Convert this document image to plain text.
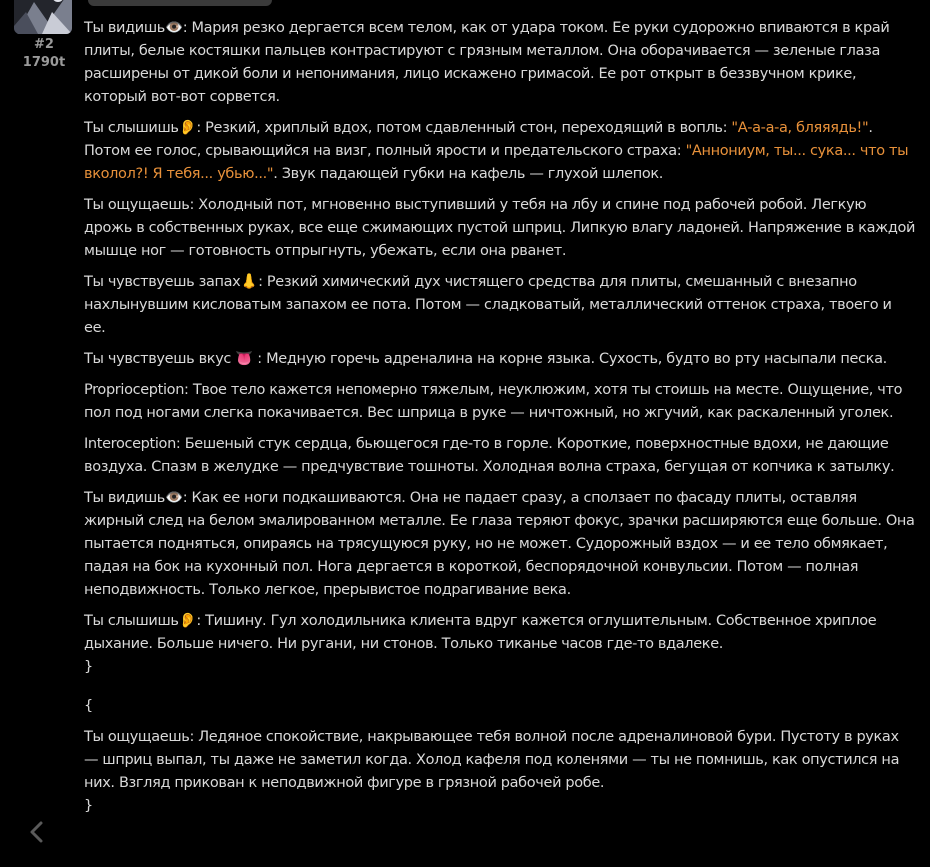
#2
1790t

Ты видишь👁️: Мария резко дергается всем телом, как от удара током. Ее руки судорожно впиваются в край плиты, белые костяшки пальцев контрастируют с грязным металлом. Она оборачивается — зеленые глаза расширены от дикой боли и непонимания, лицо искажено гримасой. Ее рот открыт в беззвучном крике, который вот-вот сорвется.

Ты слышишь👂: Резкий, хриплый вдох, потом сдавленный стон, переходящий в вопль: "А-а-а-а, бляяядь!". Потом ее голос, срывающийся на визг, полный ярости и предательского страха: "Аннониум, ты... сука... что ты вколол?! Я тебя... убью...". Звук падающей губки на кафель — глухой шлепок.

Ты ощущаешь: Холодный пот, мгновенно выступивший у тебя на лбу и спине под рабочей робой. Легкую дрожь в собственных руках, все еще сжимающих пустой шприц. Липкую влагу ладоней. Напряжение в каждой мышце ног — готовность отпрыгнуть, убежать, если она рванет.

Ты чувствуешь запах👃: Резкий химический дух чистящего средства для плиты, смешанный с внезапно нахлынувшим кисловатым запахом ее пота. Потом — сладковатый, металлический оттенок страха, твоего и ее.

Ты чувствуешь вкус 👅 : Медную горечь адреналина на корне языка. Сухость, будто во рту насыпали песка.

Proprioception: Твое тело кажется непомерно тяжелым, неуклюжим, хотя ты стоишь на месте. Ощущение, что пол под ногами слегка покачивается. Вес шприца в руке — ничтожный, но жгучий, как раскаленный уголек.

Interoception: Бешеный стук сердца, бьющегося где-то в горле. Короткие, поверхностные вдохи, не дающие воздуха. Спазм в желудке — предчувствие тошноты. Холодная волна страха, бегущая от копчика к затылку.

Ты видишь👁️: Как ее ноги подкашиваются. Она не падает сразу, а сползает по фасаду плиты, оставляя жирный след на белом эмалированном металле. Ее глаза теряют фокус, зрачки расширяются еще больше. Она пытается подняться, опираясь на трясущуюся руку, но не может. Судорожный вздох — и ее тело обмякает, падая на бок на кухонный пол. Нога дергается в короткой, беспорядочной конвульсии. Потом — полная неподвижность. Только легкое, прерывистое подрагивание века.

Ты слышишь👂: Тишину. Гул холодильника клиента вдруг кажется оглушительным. Собственное хриплое дыхание. Больше ничего. Ни ругани, ни стонов. Только тиканье часов где-то вдалеке.

}

{

Ты ощущаешь: Ледяное спокойствие, накрывающее тебя волной после адреналиновой бури. Пустоту в руках — шприц выпал, ты даже не заметил когда. Холод кафеля под коленями — ты не помнишь, как опустился на них. Взгляд прикован к неподвижной фигуре в грязной рабочей робе.

}
